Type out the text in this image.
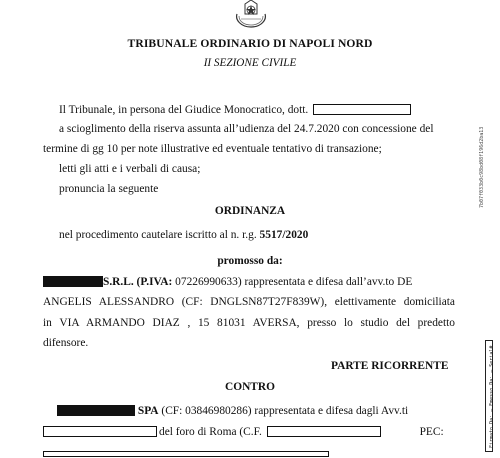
TRIBUNALE ORDINARIO DI NAPOLI NORD
II SEZIONE CIVILE
Il Tribunale, in persona del Giudice Monocratico, dott.
a scioglimento della riserva assunta all’udienza del 24.7.2020 con concessione del
termine di gg 10 per note illustrative ed eventuale tentativo di transazione;
letti gli atti e i verbali di causa;
pronuncia la seguente
ORDINANZA
nel procedimento cautelare iscritto al n. r.g. 5517/2020
promosso da:
S.R.L. (P.IVA: 07226990633) rappresentata e difesa dall’avv.to DE
ANGELIS ALESSANDRO (CF: DNGLSN87T27F839W), elettivamente domiciliata
in VIA ARMANDO DIAZ , 15 81031 AVERSA, presso lo studio del predetto
difensore.
PARTE RICORRENTE
CONTRO
SPA (CF: 03846980286) rappresentata e difesa dagli Avv.ti
del foro di Roma (C.F.	PEC:
7b07f033b0c98bd08f196d2ba13
Firmato Da: — Emesso Da: — Serial#
